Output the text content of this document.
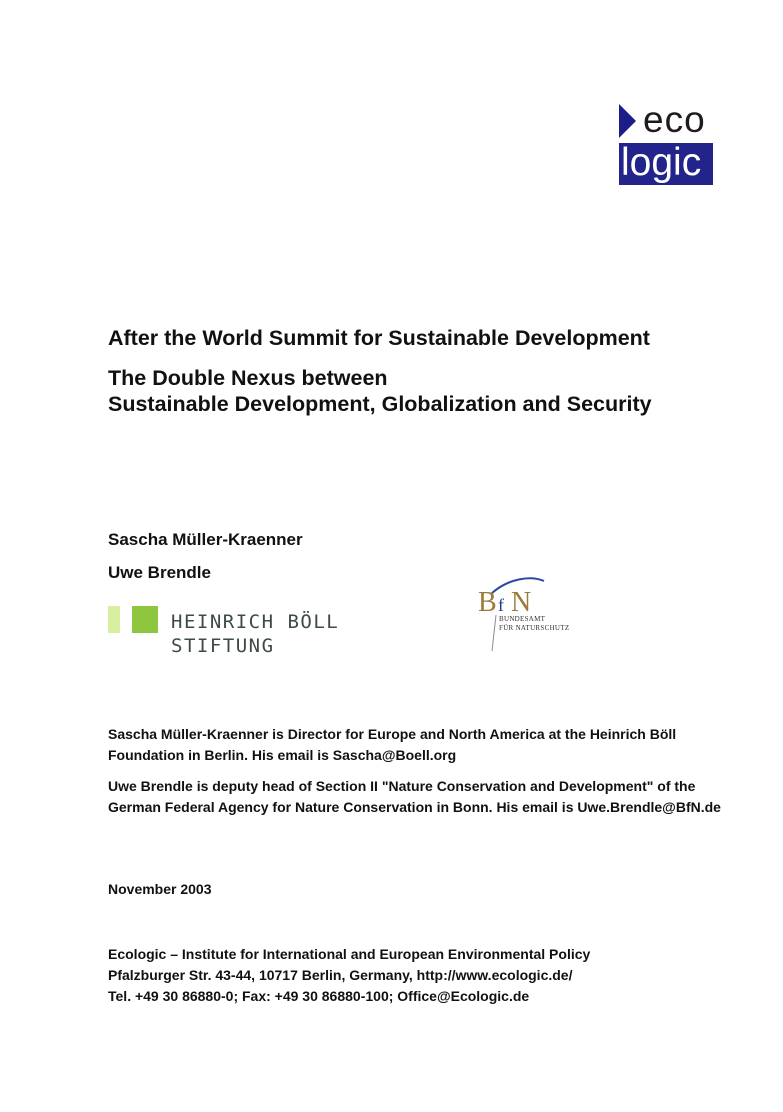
eco
logic
After the World Summit for Sustainable Development
The Double Nexus between
Sustainable Development, Globalization and Security
Sascha Müller-Kraenner
Uwe Brendle
HEINRICH BÖLL STIFTUNG
B f N
BUNDESAMT
FÜR NATURSCHUTZ
Sascha Müller-Kraenner is Director for Europe and North America at the Heinrich Böll Foundation in Berlin. His email is Sascha@Boell.org
Uwe Brendle is deputy head of Section II "Nature Conservation and Development" of the German Federal Agency for Nature Conservation in Bonn. His email is Uwe.Brendle@BfN.de
November 2003
Ecologic – Institute for International and European Environmental Policy
Pfalzburger Str. 43-44, 10717 Berlin, Germany, http://www.ecologic.de/
Tel. +49 30 86880-0; Fax: +49 30 86880-100; Office@Ecologic.de
